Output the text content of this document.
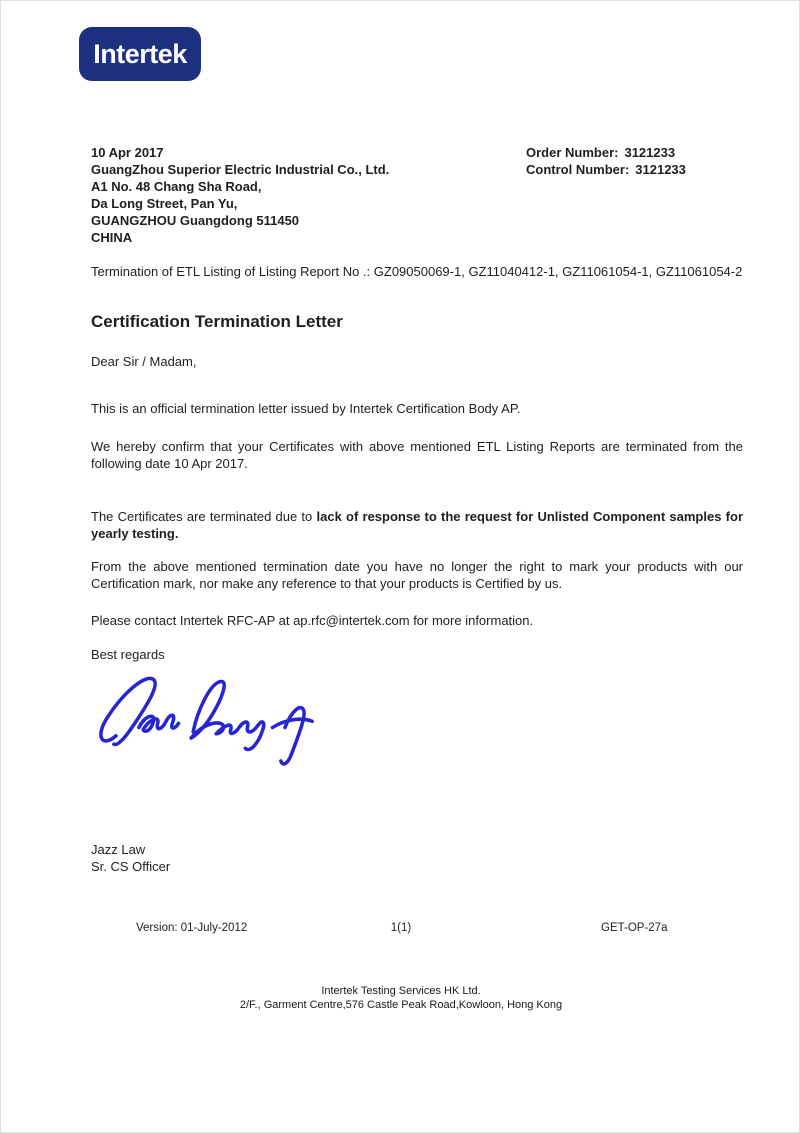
Intertek
10 Apr 2017
GuangZhou Superior Electric Industrial Co., Ltd.
A1 No. 48 Chang Sha Road,
Da Long Street, Pan Yu,
GUANGZHOU Guangdong 511450
CHINA
Order Number: 3121233
Control Number: 3121233
Termination of ETL Listing of Listing Report No .: GZ09050069-1, GZ11040412-1, GZ11061054-1, GZ11061054-2
Certification Termination Letter
Dear Sir / Madam,
This is an official termination letter issued by Intertek Certification Body AP.
We hereby confirm that your Certificates with above mentioned ETL Listing Reports are terminated from the following date 10 Apr 2017.
The Certificates are terminated due to lack of response to the request for Unlisted Component samples for yearly testing.
From the above mentioned termination date you have no longer the right to mark your products with our Certification mark, nor make any reference to that your products is Certified by us.
Please contact Intertek RFC-AP at ap.rfc@intertek.com for more information.
Best regards
Jazz Law
Sr. CS Officer
Version: 01-July-2012	1(1)	GET-OP-27a
Intertek Testing Services HK Ltd.
2/F., Garment Centre,576 Castle Peak Road,Kowloon, Hong Kong
